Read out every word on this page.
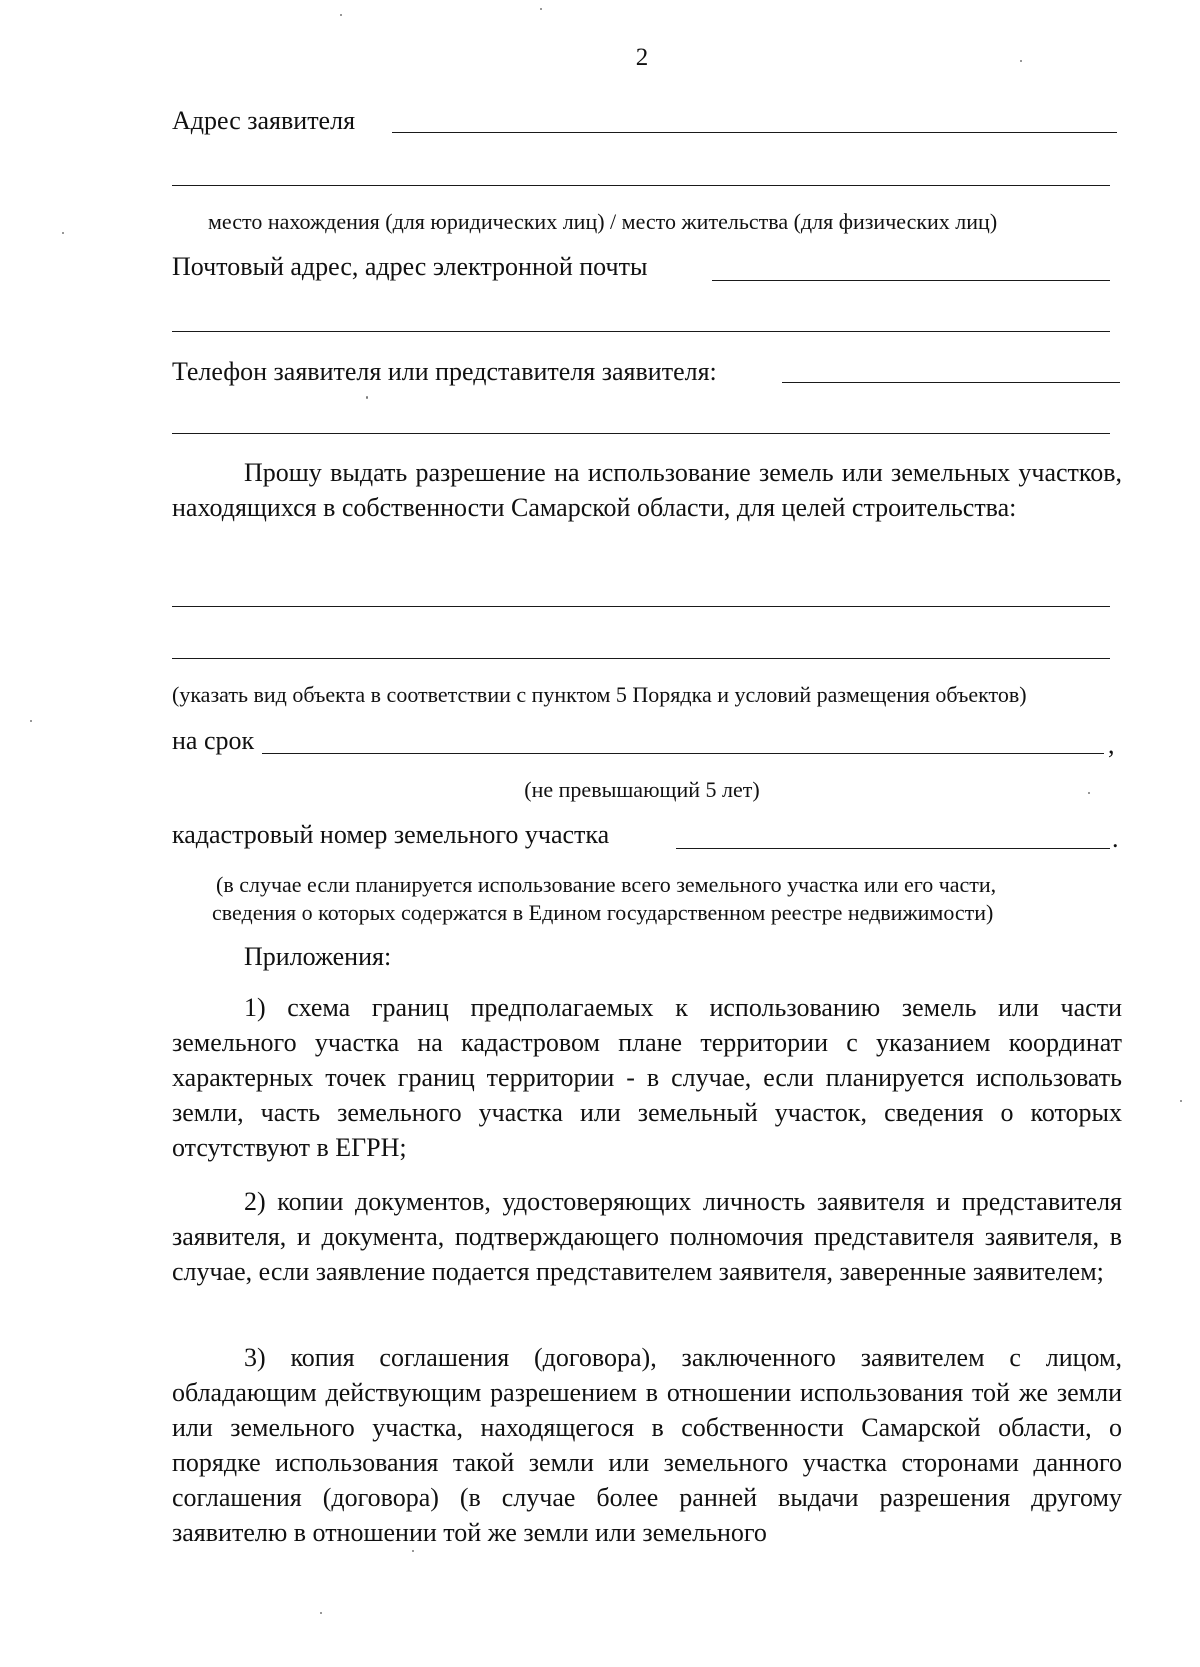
2
Адрес заявителя
место нахождения (для юридических лиц) / место жительства (для физических лиц)
Почтовый адрес, адрес электронной почты
Телефон заявителя или представителя заявителя:

Прошу выдать разрешение на использование земель или земельных участков, находящихся в собственности Самарской области, для целей строительства:

(указать вид объекта в соответствии с пунктом 5 Порядка и условий размещения объектов)
на срок	,
(не превышающий 5 лет)
кадастровый номер земельного участка	.
(в случае если планируется использование всего земельного участка или его части,
сведения о которых содержатся в Едином государственном реестре недвижимости)
Приложения:

1) схема границ предполагаемых к использованию земель или части земельного участка на кадастровом плане территории с указанием координат характерных точек границ территории - в случае, если планируется использовать земли, часть земельного участка или земельный участок, сведения о которых отсутствуют в ЕГРН;

2) копии документов, удостоверяющих личность заявителя и представителя заявителя, и документа, подтверждающего полномочия представителя заявителя, в случае, если заявление подается представителем заявителя, заверенные заявителем;

3) копия соглашения (договора), заключенного заявителем с лицом, обладающим действующим разрешением в отношении использования той же земли или земельного участка, находящегося в собственности Самарской области, о порядке использования такой земли или земельного участка сторонами данного соглашения (договора) (в случае более ранней выдачи разрешения другому заявителю в отношении той же земли или земельного
